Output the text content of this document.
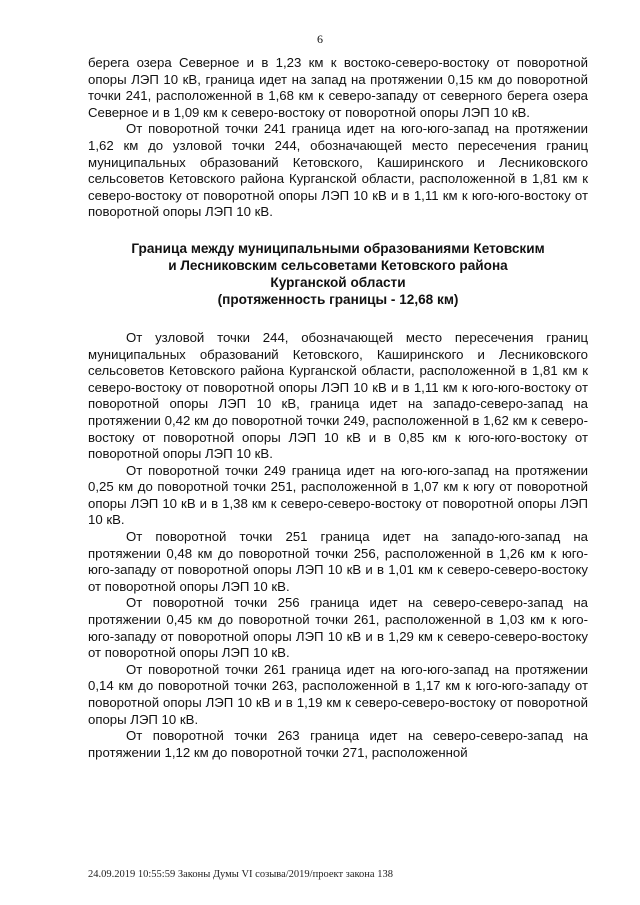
6

берега озера Северное и в 1,23 км к востоко-северо-востоку от поворотной опоры ЛЭП 10 кВ, граница идет на запад на протяжении 0,15 км до поворотной точки 241, расположенной в 1,68 км к северо-западу от северного берега озера Северное и в 1,09 км к северо-востоку от поворотной опоры ЛЭП 10 кВ.

От поворотной точки 241 граница идет на юго-юго-запад на протяжении 1,62 км до узловой точки 244, обозначающей место пересечения границ муниципальных образований Кетовского, Каширинского и Лесниковского сельсоветов Кетовского района Курганской области, расположенной в 1,81 км к северо-востоку от поворотной опоры ЛЭП 10 кВ и в 1,11 км к юго-юго-востоку от поворотной опоры ЛЭП 10 кВ.

Граница между муниципальными образованиями Кетовским
и Лесниковским сельсоветами Кетовского района
Курганской области
(протяженность границы - 12,68 км)

От узловой точки 244, обозначающей место пересечения границ муниципальных образований Кетовского, Каширинского и Лесниковского сельсоветов Кетовского района Курганской области, расположенной в 1,81 км к северо-востоку от поворотной опоры ЛЭП 10 кВ и в 1,11 км к юго-юго-востоку от поворотной опоры ЛЭП 10 кВ, граница идет на западо-северо-запад на протяжении 0,42 км до поворотной точки 249, расположенной в 1,62 км к северо-востоку от поворотной опоры ЛЭП 10 кВ и в 0,85 км к юго-юго-востоку от поворотной опоры ЛЭП 10 кВ.

От поворотной точки 249 граница идет на юго-юго-запад на протяжении 0,25 км до поворотной точки 251, расположенной в 1,07 км к югу от поворотной опоры ЛЭП 10 кВ и в 1,38 км к северо-северо-востоку от поворотной опоры ЛЭП 10 кВ.

От поворотной точки 251 граница идет на западо-юго-запад на протяжении 0,48 км до поворотной точки 256, расположенной в 1,26 км к юго-юго-западу от поворотной опоры ЛЭП 10 кВ и в 1,01 км к северо-северо-востоку от поворотной опоры ЛЭП 10 кВ.

От поворотной точки 256 граница идет на северо-северо-запад на протяжении 0,45 км до поворотной точки 261, расположенной в 1,03 км к юго-юго-западу от поворотной опоры ЛЭП 10 кВ и в 1,29 км к северо-северо-востоку от поворотной опоры ЛЭП 10 кВ.

От поворотной точки 261 граница идет на юго-юго-запад на протяжении 0,14 км до поворотной точки 263, расположенной в 1,17 км к юго-юго-западу от поворотной опоры ЛЭП 10 кВ и в 1,19 км к северо-северо-востоку от поворотной опоры ЛЭП 10 кВ.

От поворотной точки 263 граница идет на северо-северо-запад на протяжении 1,12 км до поворотной точки 271, расположенной

24.09.2019 10:55:59 Законы Думы VI созыва/2019/проект закона 138
